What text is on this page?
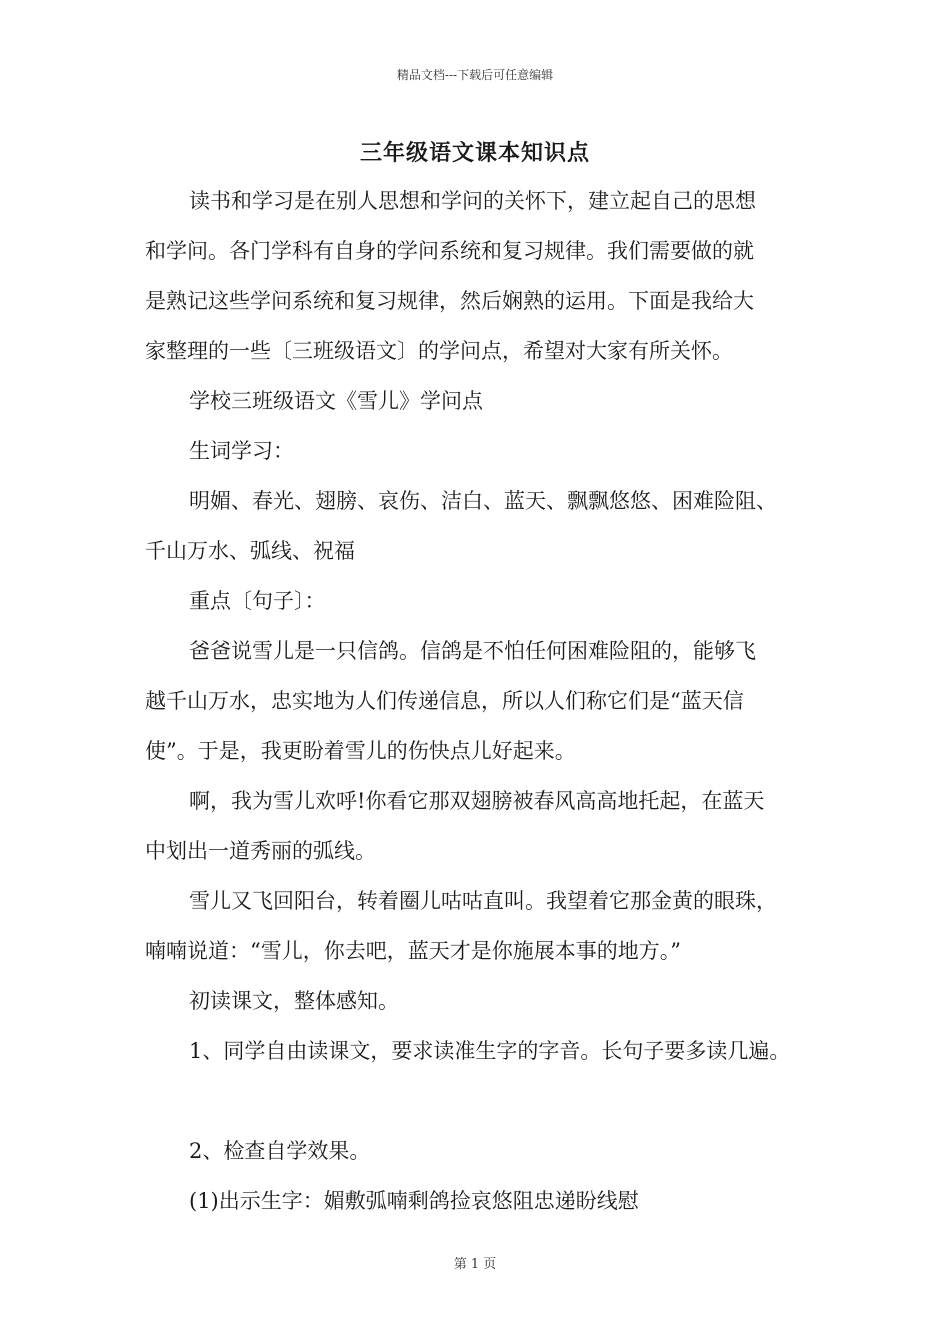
精品文档---下载后可任意编辑
三年级语文课本知识点
读书和学习是在别人思想和学问的关怀下，建立起自己的思想
和学问。各门学科有自身的学问系统和复习规律。我们需要做的就
是熟记这些学问系统和复习规律，然后娴熟的运用。下面是我给大
家整理的一些〔三班级语文〕的学问点，希望对大家有所关怀。
学校三班级语文《雪儿》学问点
生词学习：
明媚、春光、翅膀、哀伤、洁白、蓝天、飘飘悠悠、困难险阻、
千山万水、弧线、祝福
重点〔句子〕：
爸爸说雪儿是一只信鸽。信鸽是不怕任何困难险阻的，能够飞
越千山万水，忠实地为人们传递信息，所以人们称它们是“蓝天信
使”。于是，我更盼着雪儿的伤快点儿好起来。
啊，我为雪儿欢呼!你看它那双翅膀被春风高高地托起，在蓝天
中划出一道秀丽的弧线。
雪儿又飞回阳台，转着圈儿咕咕直叫。我望着它那金黄的眼珠，
喃喃说道：“雪儿，你去吧，蓝天才是你施展本事的地方。”
初读课文，整体感知。
1、同学自由读课文，要求读准生字的字音。长句子要多读几遍。
2、检查自学效果。
(1)出示生字：媚敷弧喃剩鸽捡哀悠阻忠递盼线慰
第 1 页
